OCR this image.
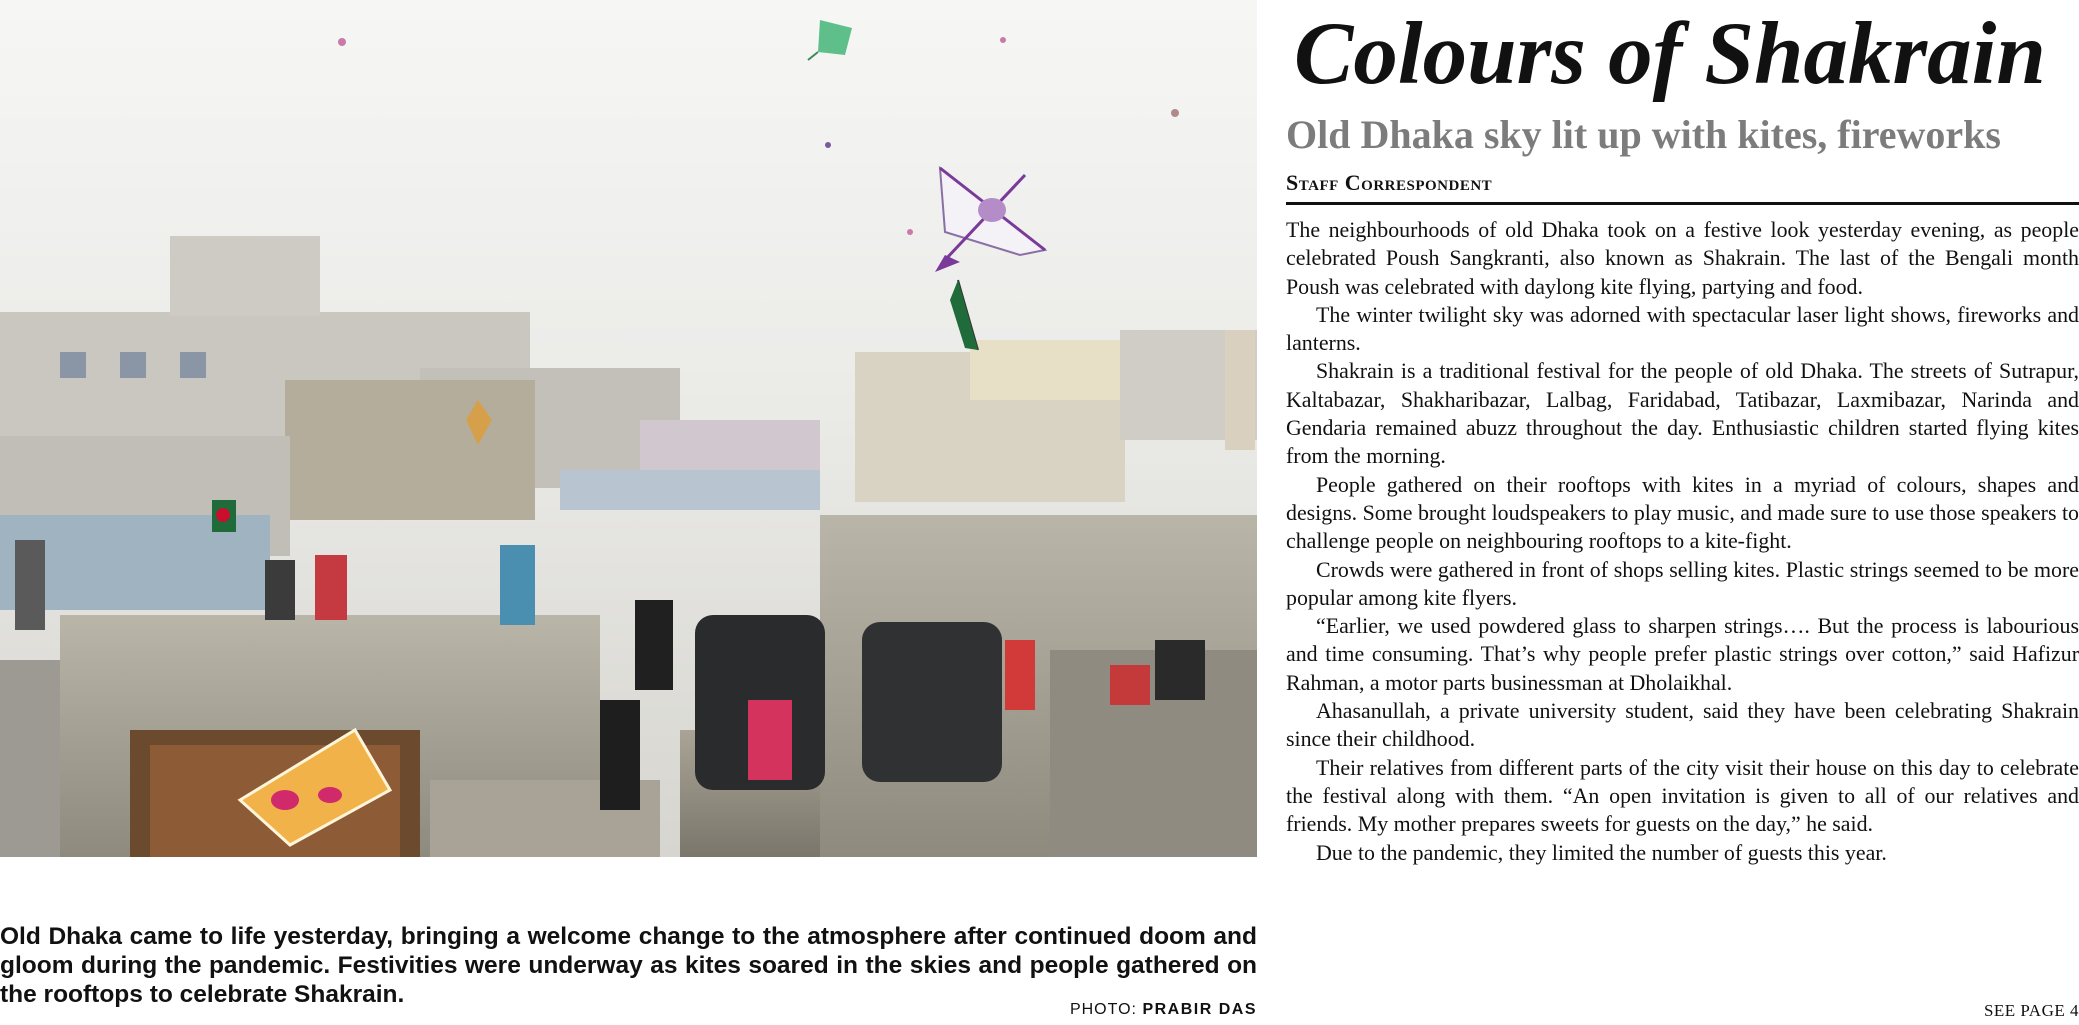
Old Dhaka came to life yesterday, bringing a welcome change to the atmosphere after continued doom and gloom during the pandemic. Festivities were underway as kites soared in the skies and people gathered on the rooftops to celebrate Shakrain.
PHOTO: PRABIR DAS
Colours of Shakrain
Old Dhaka sky lit up with kites, fireworks
Staff Correspondent

The neighbourhoods of old Dhaka took on a festive look yesterday evening, as people celebrated Poush Sangkranti, also known as Shakrain. The last of the Bengali month Poush was celebrated with daylong kite flying, partying and food.

The winter twilight sky was adorned with spectacular laser light shows, fireworks and lanterns.

Shakrain is a traditional festival for the people of old Dhaka. The streets of Sutrapur, Kaltabazar, Shakharibazar, Lalbag, Faridabad, Tatibazar, Laxmibazar, Narinda and Gendaria remained abuzz throughout the day. Enthusiastic children started flying kites from the morning.

People gathered on their rooftops with kites in a myriad of colours, shapes and designs. Some brought loudspeakers to play music, and made sure to use those speakers to challenge people on neighbouring rooftops to a kite-fight.

Crowds were gathered in front of shops selling kites. Plastic strings seemed to be more popular among kite flyers.

“Earlier, we used powdered glass to sharpen strings…. But the process is labourious and time consuming. That’s why people prefer plastic strings over cotton,” said Hafizur Rahman, a motor parts businessman at Dholaikhal.

Ahasanullah, a private university student, said they have been celebrating Shakrain since their childhood.

Their relatives from different parts of the city visit their house on this day to celebrate the festival along with them. “An open invitation is given to all of our relatives and friends. My mother prepares sweets for guests on the day,” he said.

Due to the pandemic, they limited the number of guests this year.

SEE PAGE 4
